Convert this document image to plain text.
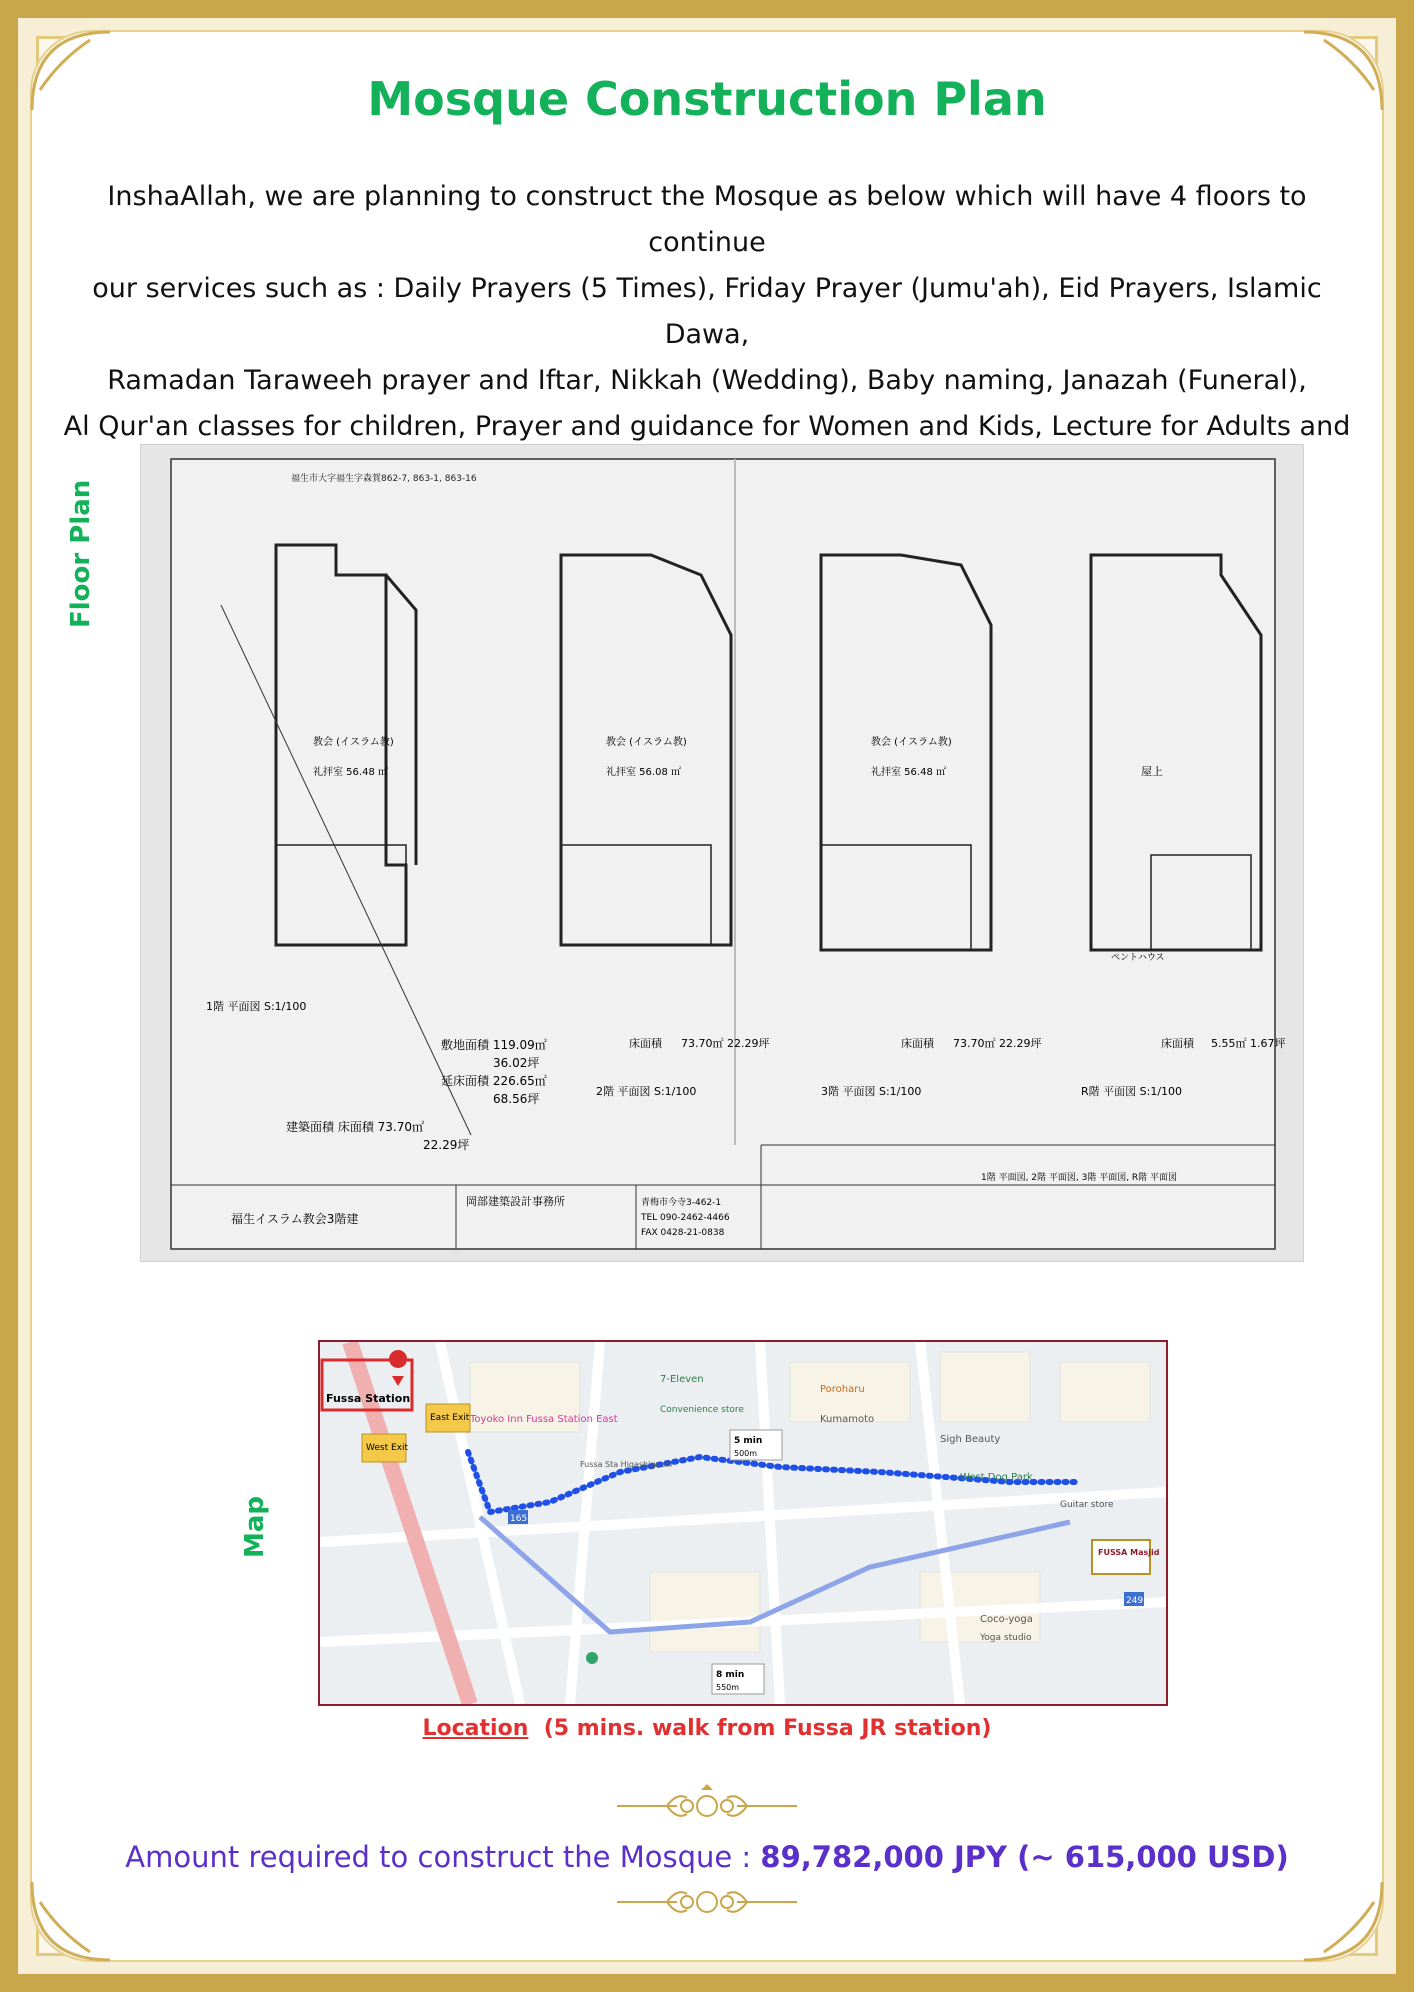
Mosque Construction Plan

InshaAllah, we are planning to construct the Mosque as below which will have 4 floors to continue

our services such as : Daily Prayers (5 Times), Friday Prayer (Jumu'ah), Eid Prayers, Islamic Dawa,

Ramadan Taraweeh prayer and Iftar, Nikkah (Wedding), Baby naming, Janazah (Funeral),

Al Qur'an classes for children, Prayer and guidance for Women and Kids, Lecture for Adults and

Floor Plan
福生市大字福生字森賀862-7, 863-1, 863-16
教会 (イスラム教)
礼拝室 56.48 ㎡
1階 平面図 S:1/100
教会 (イスラム教)
礼拝室 56.08 ㎡
教会 (イスラム教)
礼拝室 56.48 ㎡	屋上
ペントハウス
敷地面積 119.09㎡
36.02坪
延床面積 226.65㎡
68.56坪
建築面積 床面積 73.70㎡
22.29坪
床面積 73.70㎡ 22.29坪
2階 平面図 S:1/100
床面積 73.70㎡ 22.29坪
3階 平面図 S:1/100
床面積 5.55㎡ 1.67坪
R階 平面図 S:1/100
福生イスラム教会3階建
岡部建築設計事務所	青梅市今寺3-462-1
TEL 090-2462-4466
FAX 0428-21-0838
1階 平面図, 2階 平面図, 3階 平面図, R階 平面図
Map
Fussa Station
East Exit
West Exit
Toyoko Inn Fussa Station East
7-Eleven
Convenience store
Poroharu
Kumamoto
Sigh Beauty
West Dog Park
Guitar store
Coco-yoga
Yoga studio
Fussa Sta Higashiguchi
5 min
500m
8 min
550m
FUSSA Masjid
165
249
Location (5 mins. walk from Fussa JR station)
Amount required to construct the Mosque : 89,782,000 JPY (~ 615,000 USD)
